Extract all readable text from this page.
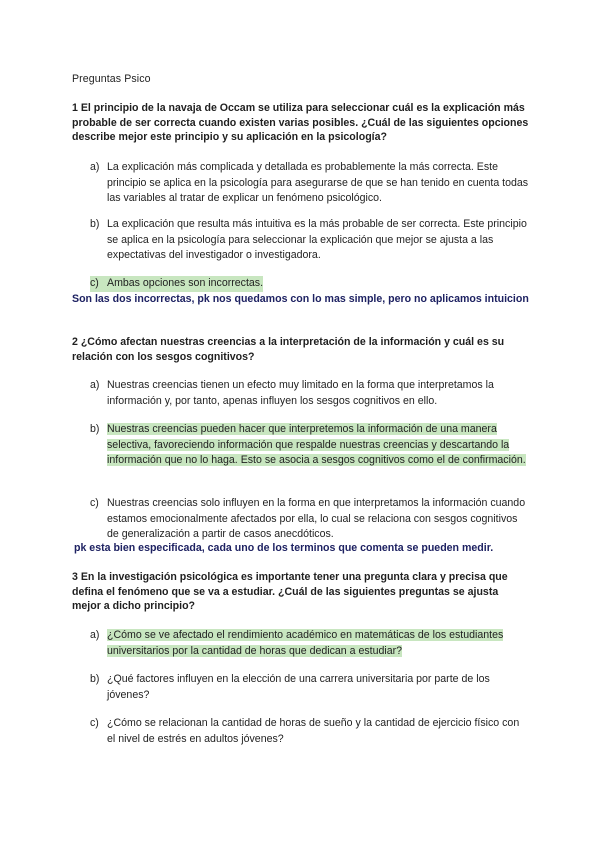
Preguntas Psico
1 El principio de la navaja de Occam se utiliza para seleccionar cuál es la explicación más probable de ser correcta cuando existen varias posibles. ¿Cuál de las siguientes opciones describe mejor este principio y su aplicación en la psicología?
a) La explicación más complicada y detallada es probablemente la más correcta. Este principio se aplica en la psicología para asegurarse de que se han tenido en cuenta todas las variables al tratar de explicar un fenómeno psicológico.
b) La explicación que resulta más intuitiva es la más probable de ser correcta. Este principio se aplica en la psicología para seleccionar la explicación que mejor se ajusta a las expectativas del investigador o investigadora.
c) Ambas opciones son incorrectas.
Son las dos incorrectas, pk nos quedamos con lo mas simple, pero no aplicamos intuicion
2 ¿Cómo afectan nuestras creencias a la interpretación de la información y cuál es su relación con los sesgos cognitivos?
a) Nuestras creencias tienen un efecto muy limitado en la forma que interpretamos la información y, por tanto, apenas influyen los sesgos cognitivos en ello.
b) Nuestras creencias pueden hacer que interpretemos la información de una manera selectiva, favoreciendo información que respalde nuestras creencias y descartando la información que no lo haga. Esto se asocia a sesgos cognitivos como el de confirmación.
c) Nuestras creencias solo influyen en la forma en que interpretamos la información cuando estamos emocionalmente afectados por ella, lo cual se relaciona con sesgos cognitivos de generalización a partir de casos anecdóticos.
pk esta bien especificada, cada uno de los terminos que comenta se pueden medir.
3 En la investigación psicológica es importante tener una pregunta clara y precisa que defina el fenómeno que se va a estudiar. ¿Cuál de las siguientes preguntas se ajusta mejor a dicho principio?
a) ¿Cómo se ve afectado el rendimiento académico en matemáticas de los estudiantes universitarios por la cantidad de horas que dedican a estudiar?
b) ¿Qué factores influyen en la elección de una carrera universitaria por parte de los jóvenes?
c) ¿Cómo se relacionan la cantidad de horas de sueño y la cantidad de ejercicio físico con el nivel de estrés en adultos jóvenes?
